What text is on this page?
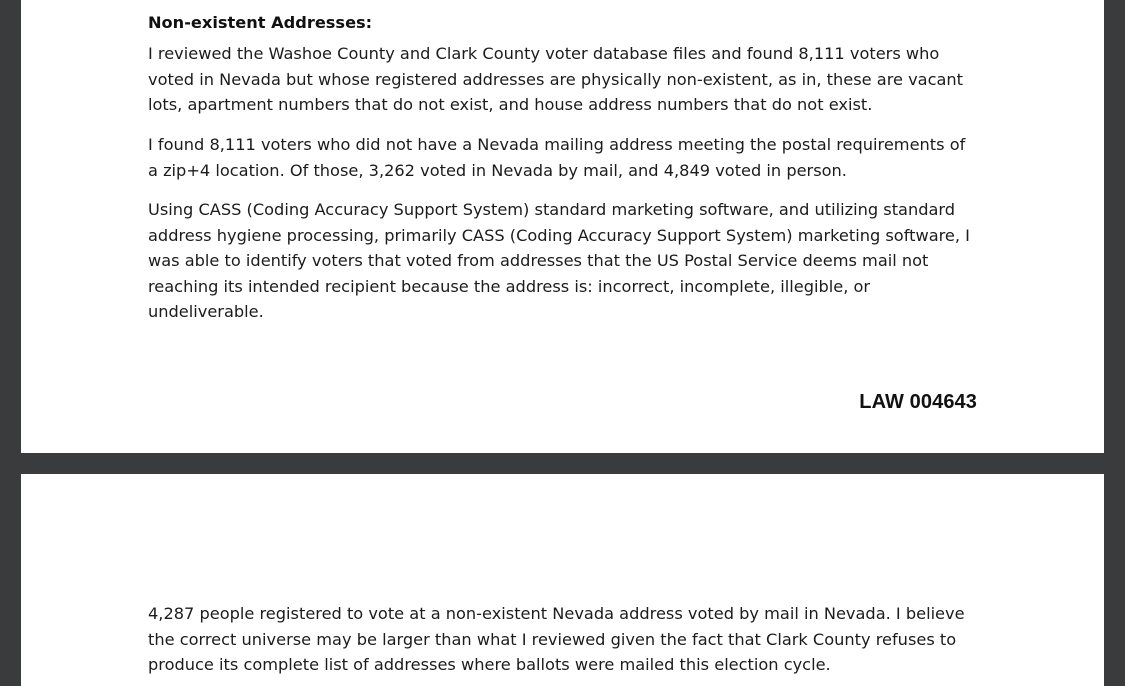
Non-existent Addresses:

I reviewed the Washoe County and Clark County voter database files and found 8,111 voters who voted in Nevada but whose registered addresses are physically non-existent, as in, these are vacant lots, apartment numbers that do not exist, and house address numbers that do not exist.

I found 8,111 voters who did not have a Nevada mailing address meeting the postal requirements of a zip+4 location. Of those, 3,262 voted in Nevada by mail, and 4,849 voted in person.

Using CASS (Coding Accuracy Support System) standard marketing software, and utilizing standard address hygiene processing, primarily CASS (Coding Accuracy Support System) marketing software, I was able to identify voters that voted from addresses that the US Postal Service deems mail not reaching its intended recipient because the address is: incorrect, incomplete, illegible, or undeliverable.

LAW 004643

4,287 people registered to vote at a non-existent Nevada address voted by mail in Nevada. I believe the correct universe may be larger than what I reviewed given the fact that Clark County refuses to produce its complete list of addresses where ballots were mailed this election cycle.
